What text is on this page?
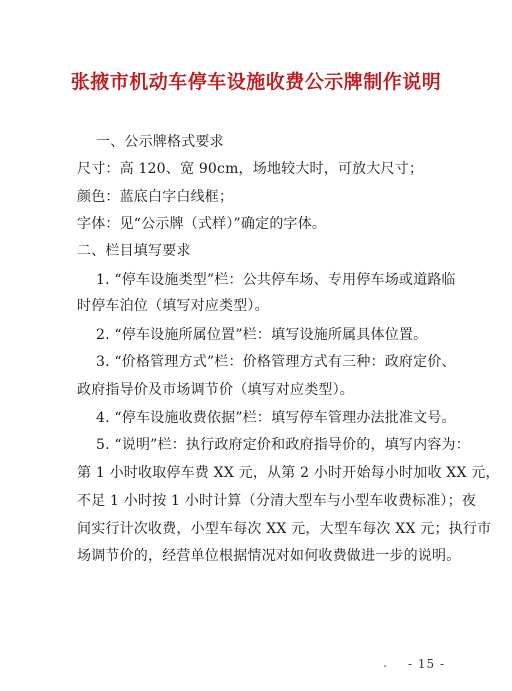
张掖市机动车停车设施收费公示牌制作说明
一、公示牌格式要求
尺寸：高 120、宽 90cm，场地较大时，可放大尺寸；
颜色：蓝底白字白线框；
字体：见“公示牌（式样）”确定的字体。
二、栏目填写要求
1. “停车设施类型”栏：公共停车场、专用停车场或道路临
时停车泊位（填写对应类型）。
2. “停车设施所属位置”栏：填写设施所属具体位置。
3. “价格管理方式”栏：价格管理方式有三种：政府定价、
政府指导价及市场调节价（填写对应类型）。
4. “停车设施收费依据”栏：填写停车管理办法批准文号。
5. “说明”栏：执行政府定价和政府指导价的，填写内容为：
第 1 小时收取停车费 XX 元，从第 2 小时开始每小时加收 XX 元，
不足 1 小时按 1 小时计算（分清大型车与小型车收费标准）；夜
间实行计次收费，小型车每次 XX 元，大型车每次 XX 元；执行市
场调节价的，经营单位根据情况对如何收费做进一步的说明。
- 15 -
